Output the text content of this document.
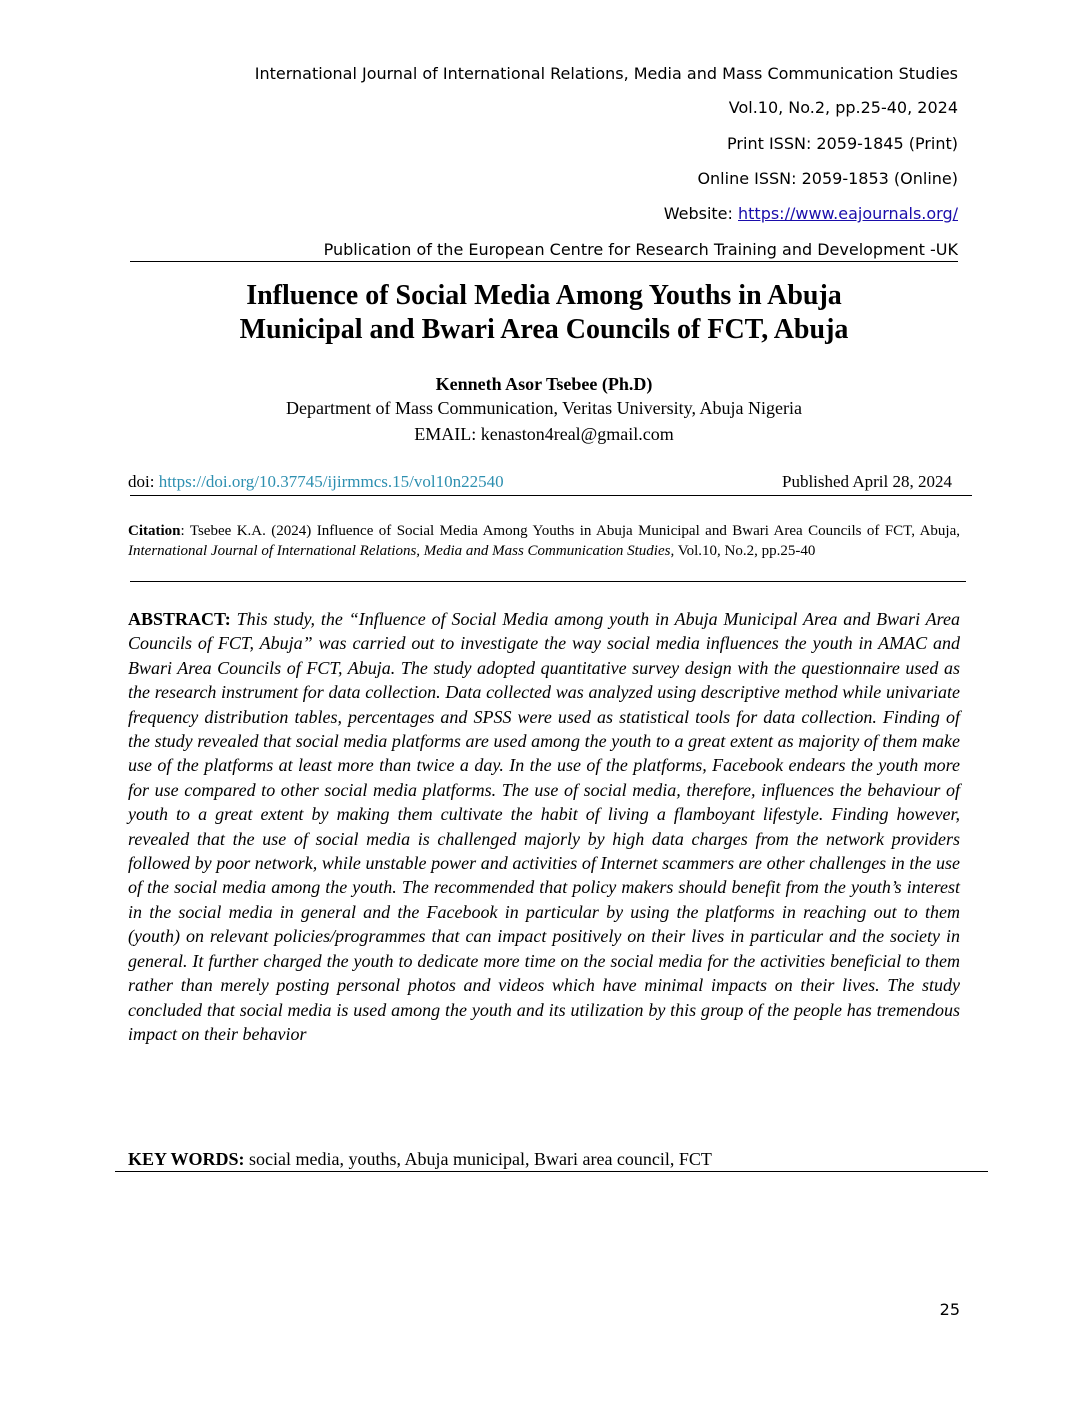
International Journal of International Relations, Media and Mass Communication Studies
Vol.10, No.2, pp.25-40, 2024
Print ISSN: 2059-1845 (Print)
Online ISSN: 2059-1853 (Online)
Website: https://www.eajournals.org/
Publication of the European Centre for Research Training and Development -UK
Influence of Social Media Among Youths in Abuja
Municipal and Bwari Area Councils of FCT, Abuja
Kenneth Asor Tsebee (Ph.D)
Department of Mass Communication, Veritas University, Abuja Nigeria
EMAIL: kenaston4real@gmail.com
doi: https://doi.org/10.37745/ijirmmcs.15/vol10n22540	Published April 28, 2024
Citation: Tsebee K.A. (2024) Influence of Social Media Among Youths in Abuja Municipal and Bwari Area Councils of FCT, Abuja, International Journal of International Relations, Media and Mass Communication Studies, Vol.10, No.2, pp.25-40
ABSTRACT: This study, the “Influence of Social Media among youth in Abuja Municipal Area and Bwari Area Councils of FCT, Abuja” was carried out to investigate the way social media influences the youth in AMAC and Bwari Area Councils of FCT, Abuja. The study adopted quantitative survey design with the questionnaire used as the research instrument for data collection. Data collected was analyzed using descriptive method while univariate frequency distribution tables, percentages and SPSS were used as statistical tools for data collection. Finding of the study revealed that social media platforms are used among the youth to a great extent as majority of them make use of the platforms at least more than twice a day. In the use of the platforms, Facebook endears the youth more for use compared to other social media platforms. The use of social media, therefore, influences the behaviour of youth to a great extent by making them cultivate the habit of living a flamboyant lifestyle. Finding however, revealed that the use of social media is challenged majorly by high data charges from the network providers followed by poor network, while unstable power and activities of Internet scammers are other challenges in the use of the social media among the youth. The recommended that policy makers should benefit from the youth’s interest in the social media in general and the Facebook in particular by using the platforms in reaching out to them (youth) on relevant policies/programmes that can impact positively on their lives in particular and the society in general. It further charged the youth to dedicate more time on the social media for the activities beneficial to them rather than merely posting personal photos and videos which have minimal impacts on their lives. The study concluded that social media is used among the youth and its utilization by this group of the people has tremendous impact on their behavior
KEY WORDS: social media, youths, Abuja municipal, Bwari area council, FCT
25
